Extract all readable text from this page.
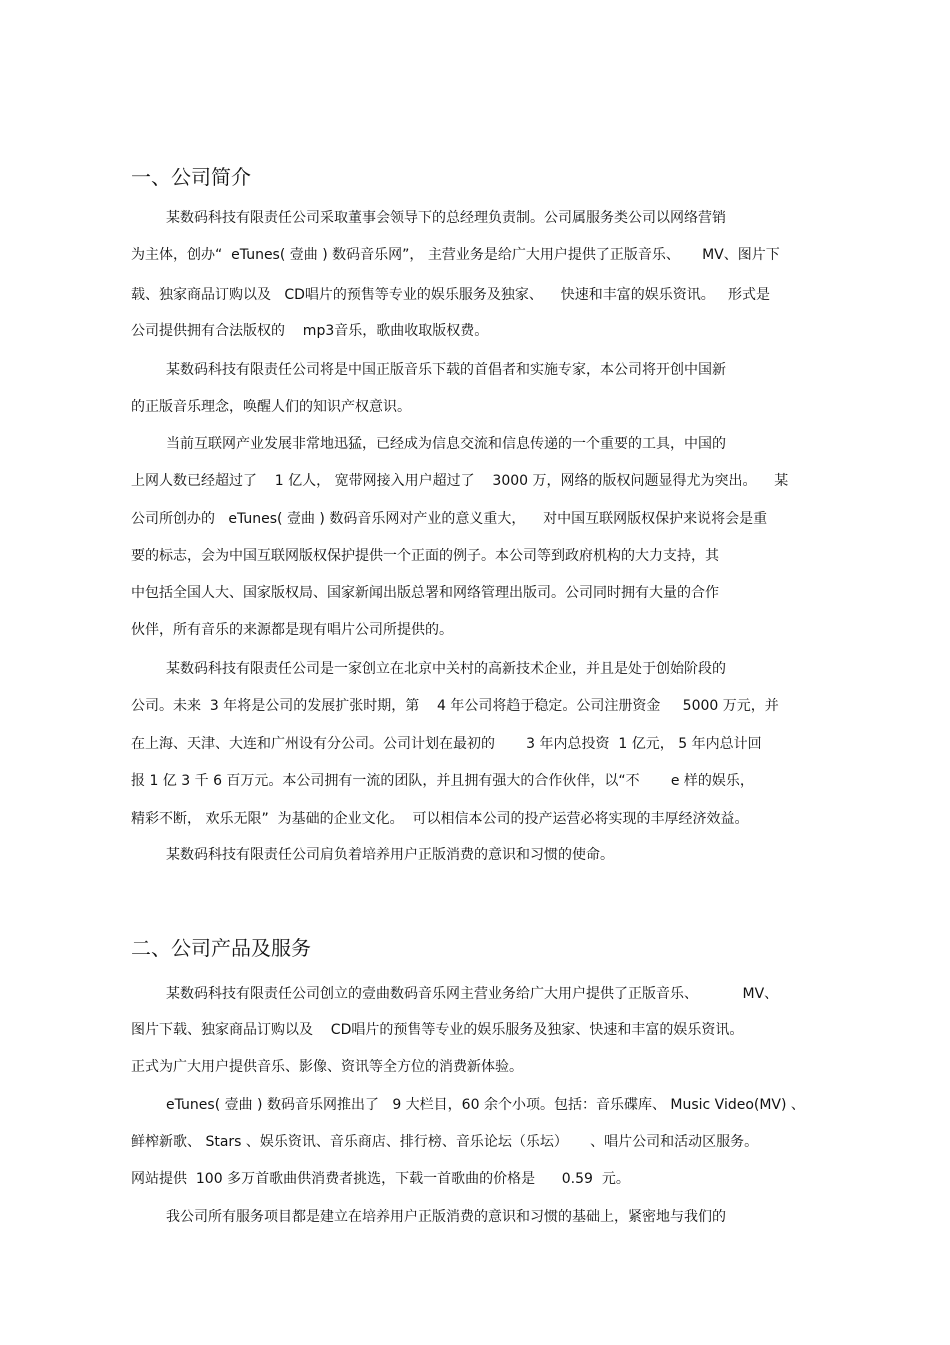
一、公司简介
某数码科技有限责任公司采取董事会领导下的总经理负责制。公司属服务类公司以网络营销
为主体，创办“  eTunes( 壹曲 ) 数码音乐网”， 主营业务是给广大用户提供了正版音乐、     MV、图片下
载、独家商品订购以及   CD唱片的预售等专业的娱乐服务及独家、    快速和丰富的娱乐资讯。   形式是
公司提供拥有合法版权的    mp3音乐，歌曲收取版权费。
某数码科技有限责任公司将是中国正版音乐下载的首倡者和实施专家，本公司将开创中国新
的正版音乐理念，唤醒人们的知识产权意识。
当前互联网产业发展非常地迅猛，已经成为信息交流和信息传递的一个重要的工具，中国的
上网人数已经超过了    1 亿人， 宽带网接入用户超过了    3000 万，网络的版权问题显得尤为突出。    某
公司所创办的   eTunes( 壹曲 ) 数码音乐网对产业的意义重大，    对中国互联网版权保护来说将会是重
要的标志，会为中国互联网版权保护提供一个正面的例子。本公司等到政府机构的大力支持，其
中包括全国人大、国家版权局、国家新闻出版总署和网络管理出版司。公司同时拥有大量的合作
伙伴，所有音乐的来源都是现有唱片公司所提供的。
某数码科技有限责任公司是一家创立在北京中关村的高新技术企业，并且是处于创始阶段的
公司。未来  3 年将是公司的发展扩张时期，第    4 年公司将趋于稳定。公司注册资金     5000 万元，并
在上海、天津、大连和广州设有分公司。公司计划在最初的       3 年内总投资  1 亿元， 5 年内总计回
报 1 亿 3 千 6 百万元。本公司拥有一流的团队，并且拥有强大的合作伙伴，以“不       e 样的娱乐，
精彩不断， 欢乐无限”  为基础的企业文化。  可以相信本公司的投产运营必将实现的丰厚经济效益。
某数码科技有限责任公司肩负着培养用户正版消费的意识和习惯的使命。
二、公司产品及服务
某数码科技有限责任公司创立的壹曲数码音乐网主营业务给广大用户提供了正版音乐、          MV、
图片下载、独家商品订购以及    CD唱片的预售等专业的娱乐服务及独家、快速和丰富的娱乐资讯。
正式为广大用户提供音乐、影像、资讯等全方位的消费新体验。
eTunes( 壹曲 ) 数码音乐网推出了   9 大栏目，60 余个小项。包括：音乐碟库、 Music Video(MV) 、
鲜榨新歌、 Stars 、娱乐资讯、音乐商店、排行榜、音乐论坛（乐坛）     、唱片公司和活动区服务。
网站提供  100 多万首歌曲供消费者挑选，下载一首歌曲的价格是      0.59  元。
我公司所有服务项目都是建立在培养用户正版消费的意识和习惯的基础上，紧密地与我们的
